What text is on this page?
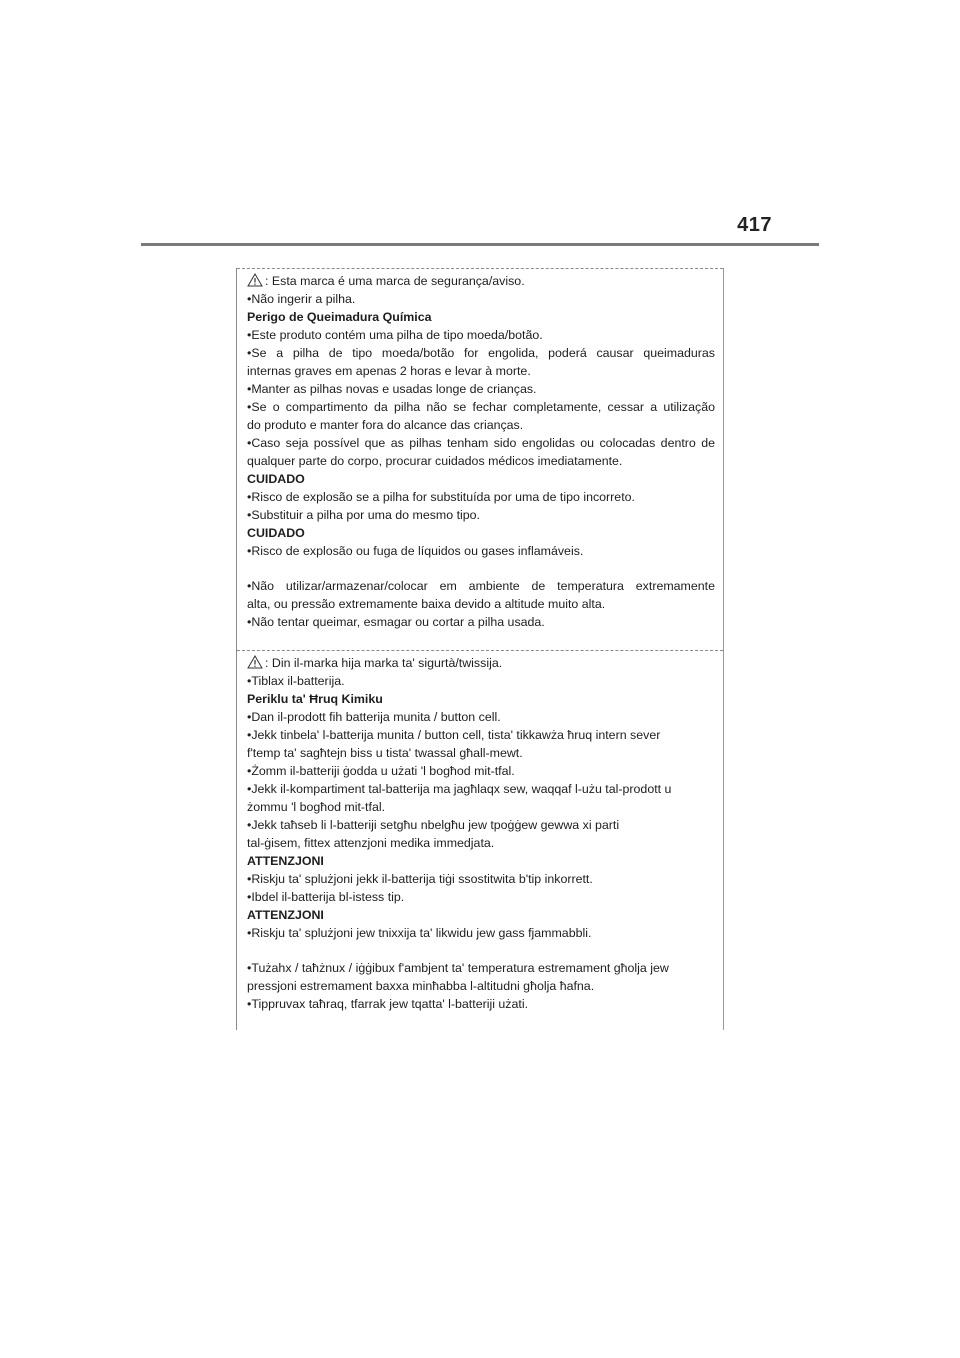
417

: Esta marca é uma marca de segurança/aviso.

•Não ingerir a pilha.

Perigo de Queimadura Química

•Este produto contém uma pilha de tipo moeda/botão.

•Se a pilha de tipo moeda/botão for engolida, poderá causar queimaduras

internas graves em apenas 2 horas e levar à morte.

•Manter as pilhas novas e usadas longe de crianças.

•Se o compartimento da pilha não se fechar completamente, cessar a utilização

do produto e manter fora do alcance das crianças.

•Caso seja possível que as pilhas tenham sido engolidas ou colocadas dentro de

qualquer parte do corpo, procurar cuidados médicos imediatamente.

CUIDADO

•Risco de explosão se a pilha for substituída por uma de tipo incorreto.

•Substituir a pilha por uma do mesmo tipo.

CUIDADO

•Risco de explosão ou fuga de líquidos ou gases inflamáveis.

•Não utilizar/armazenar/colocar em ambiente de temperatura extremamente

alta, ou pressão extremamente baixa devido a altitude muito alta.

•Não tentar queimar, esmagar ou cortar a pilha usada.

: Din il-marka hija marka ta' sigurtà/twissija.

•Tiblax il-batterija.

Periklu ta' Ħruq Kimiku

•Dan il-prodott fih batterija munita / button cell.

•Jekk tinbela' l-batterija munita / button cell, tista' tikkawża ħruq intern sever

f'temp ta' sagħtejn biss u tista' twassal għall-mewt.

•Żomm il-batteriji ġodda u użati 'l bogħod mit-tfal.

•Jekk il-kompartiment tal-batterija ma jagħlaqx sew, waqqaf l-użu tal-prodott u

żommu 'l bogħod mit-tfal.

•Jekk taħseb li l-batteriji setgħu nbelgħu jew tpoġġew gewwa xi parti

tal-ġisem, fittex attenzjoni medika immedjata.

ATTENZJONI

•Riskju ta' splużjoni jekk il-batterija tiġi ssostitwita b'tip inkorrett.

•Ibdel il-batterija bl-istess tip.

ATTENZJONI

•Riskju ta' splużjoni jew tnixxija ta' likwidu jew gass fjammabbli.

•Tużahx / taħżnux / iġġibux f'ambjent ta' temperatura estremament għolja jew

pressjoni estremament baxxa minħabba l-altitudni għolja ħafna.

•Tippruvax taħraq, tfarrak jew tqatta' l-batteriji użati.
